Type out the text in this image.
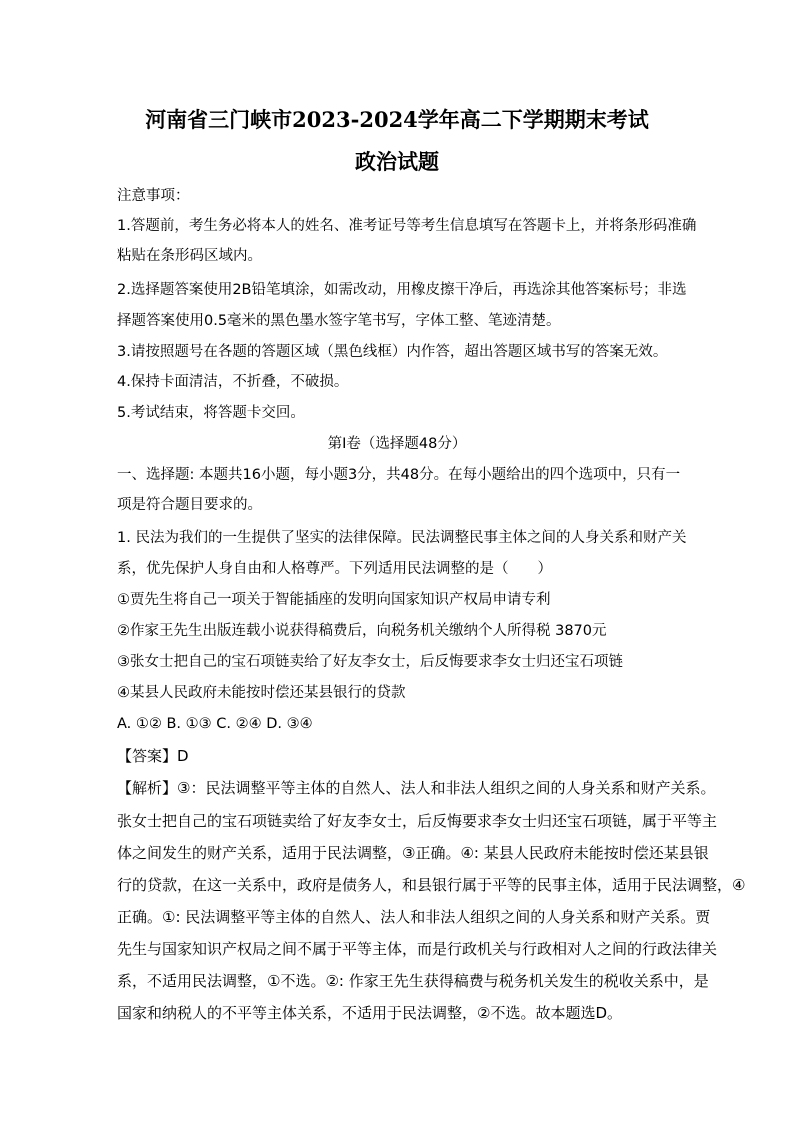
河南省三门峡市2023-2024学年高二下学期期末考试
政治试题
注意事项：
1.答题前，考生务必将本人的姓名、准考证号等考生信息填写在答题卡上，并将条形码准确
粘贴在条形码区域内。
2.选择题答案使用2B铅笔填涂，如需改动，用橡皮擦干净后，再选涂其他答案标号；非选
择题答案使用0.5毫米的黑色墨水签字笔书写，字体工整、笔迹清楚。
3.请按照题号在各题的答题区域（黑色线框）内作答，超出答题区域书写的答案无效。
4.保持卡面清洁，不折叠，不破损。
5.考试结束，将答题卡交回。
第Ⅰ卷（选择题48分）
一、选择题: 本题共16小题，每小题3分，共48分。在每小题给出的四个选项中，只有一
项是符合题目要求的。
1. 民法为我们的一生提供了坚实的法律保障。民法调整民事主体之间的人身关系和财产关
系，优先保护人身自由和人格尊严。下列适用民法调整的是（　　）
①贾先生将自己一项关于智能插座的发明向国家知识产权局申请专利
②作家王先生出版连载小说获得稿费后，向税务机关缴纳个人所得税 3870元
③张女士把自己的宝石项链卖给了好友李女士，后反悔要求李女士归还宝石项链
④某县人民政府未能按时偿还某县银行的贷款
A. ①② B. ①③ C. ②④ D. ③④
【答案】D
【解析】③：民法调整平等主体的自然人、法人和非法人组织之间的人身关系和财产关系。
张女士把自己的宝石项链卖给了好友李女士，后反悔要求李女士归还宝石项链，属于平等主
体之间发生的财产关系，适用于民法调整，③正确。④: 某县人民政府未能按时偿还某县银
行的贷款，在这一关系中，政府是债务人，和县银行属于平等的民事主体，适用于民法调整，④
正确。①: 民法调整平等主体的自然人、法人和非法人组织之间的人身关系和财产关系。贾
先生与国家知识产权局之间不属于平等主体，而是行政机关与行政相对人之间的行政法律关
系，不适用民法调整，①不选。②: 作家王先生获得稿费与税务机关发生的税收关系中，是
国家和纳税人的不平等主体关系，不适用于民法调整，②不选。故本题选D。
